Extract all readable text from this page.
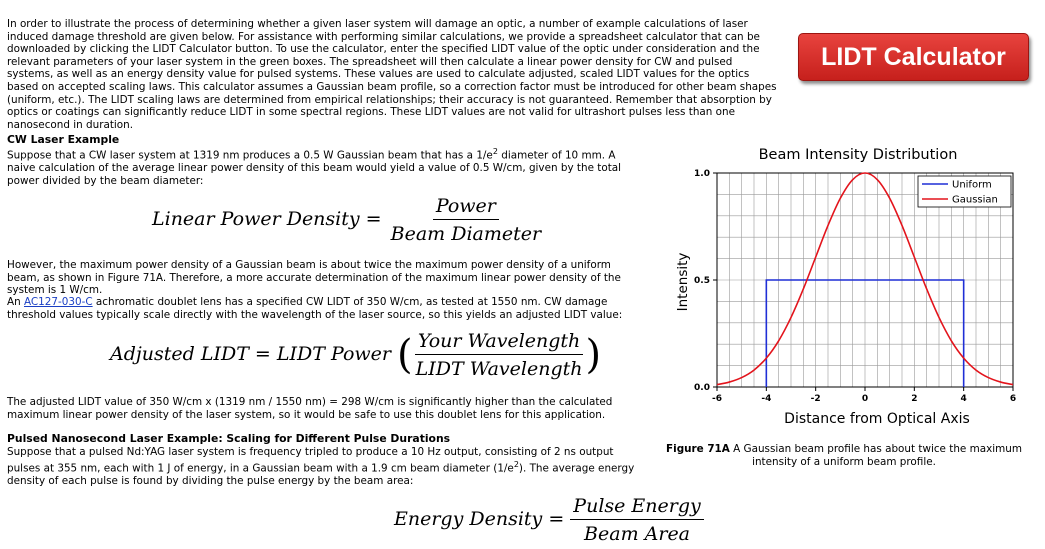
In order to illustrate the process of determining whether a given laser system will damage an optic, a number of example calculations of laser induced damage threshold are given below. For assistance with performing similar calculations, we provide a spreadsheet calculator that can be downloaded by clicking the LIDT Calculator button. To use the calculator, enter the specified LIDT value of the optic under consideration and the relevant parameters of your laser system in the green boxes. The spreadsheet will then calculate a linear power density for CW and pulsed systems, as well as an energy density value for pulsed systems. These values are used to calculate adjusted, scaled LIDT values for the optics based on accepted scaling laws. This calculator assumes a Gaussian beam profile, so a correction factor must be introduced for other beam shapes (uniform, etc.). The LIDT scaling laws are determined from empirical relationships; their accuracy is not guaranteed. Remember that absorption by optics or coatings can significantly reduce LIDT in some spectral regions. These LIDT values are not valid for ultrashort pulses less than one nanosecond in duration.

LIDT Calculator
CW Laser Example

Suppose that a CW laser system at 1319 nm produces a 0.5 W Gaussian beam that has a $1/e^2$ diameter of 10 mm. A naive calculation of the average linear power density of this beam would yield a value of 0.5 W/cm, given by the total power divided by the beam diameter:

Linear Power Density = $\frac{\text{Power}}{\text{Beam Diameter}}$

However, the maximum power density of a Gaussian beam is about twice the maximum power density of a uniform beam, as shown in Figure 71A. Therefore, a more accurate determination of the maximum linear power density of the system is 1 W/cm.

An AC127-030-C achromatic doublet lens has a specified CW LIDT of 350 W/cm, as tested at 1550 nm. CW damage threshold values typically scale directly with the wavelength of the laser source, so this yields an adjusted LIDT value:

Adjusted LIDT = LIDT Power ( $\frac{\text{Your Wavelength}}{\text{LIDT Wavelength}}$ )

The adjusted LIDT value of 350 W/cm x (1319 nm / 1550 nm) = 298 W/cm is significantly higher than the calculated maximum linear power density of the laser system, so it would be safe to use this doublet lens for this application.

Pulsed Nanosecond Laser Example: Scaling for Different Pulse Durations

Suppose that a pulsed Nd:YAG laser system is frequency tripled to produce a 10 Hz output, consisting of 2 ns output pulses at 355 nm, each with 1 J of energy, in a Gaussian beam with a 1.9 cm beam diameter $(1/e^2)$. The average energy density of each pulse is found by dividing the pulse energy by the beam area:

Energy Density = $\frac{\text{Pulse Energy}}{\text{Beam Area}}$
Beam Intensity Distribution
-6	-4	-2	0	2	4	6
0.0
0.5
1.0
Intensity
Distance from Optical Axis
Uniform
Gaussian
Figure 71A A Gaussian beam profile has about twice the maximum intensity of a uniform beam profile.
